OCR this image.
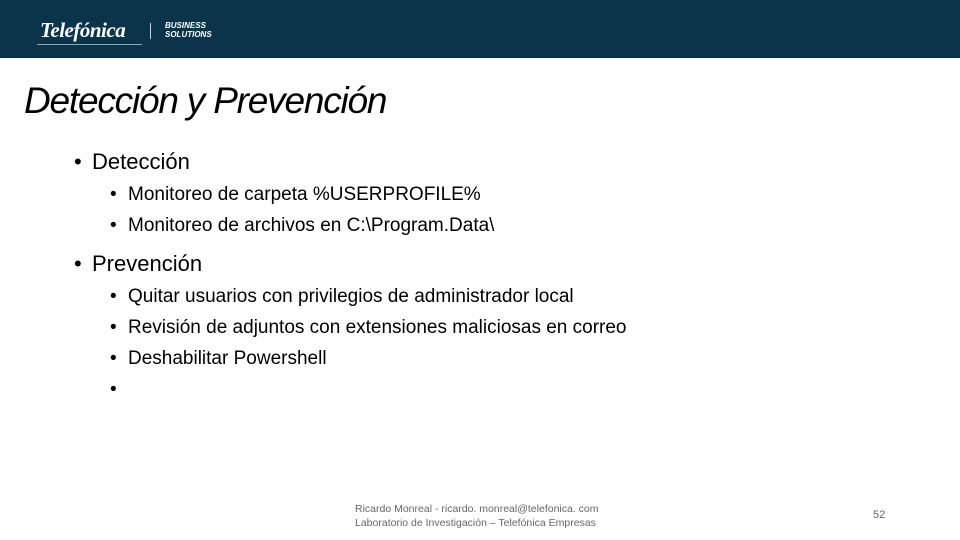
Telefónica	BUSINESS
SOLUTIONS
Detección y Prevención
• Detección
• Monitoreo de carpeta %USERPROFILE%
• Monitoreo de archivos en C:\Program.Data\
• Prevención
• Quitar usuarios con privilegios de administrador local
• Revisión de adjuntos con extensiones maliciosas en correo
• Deshabilitar Powershell
•
Ricardo Monreal - ricardo. monreal@telefonica. com
Laboratorio de Investigación – Telefónica Empresas
52
